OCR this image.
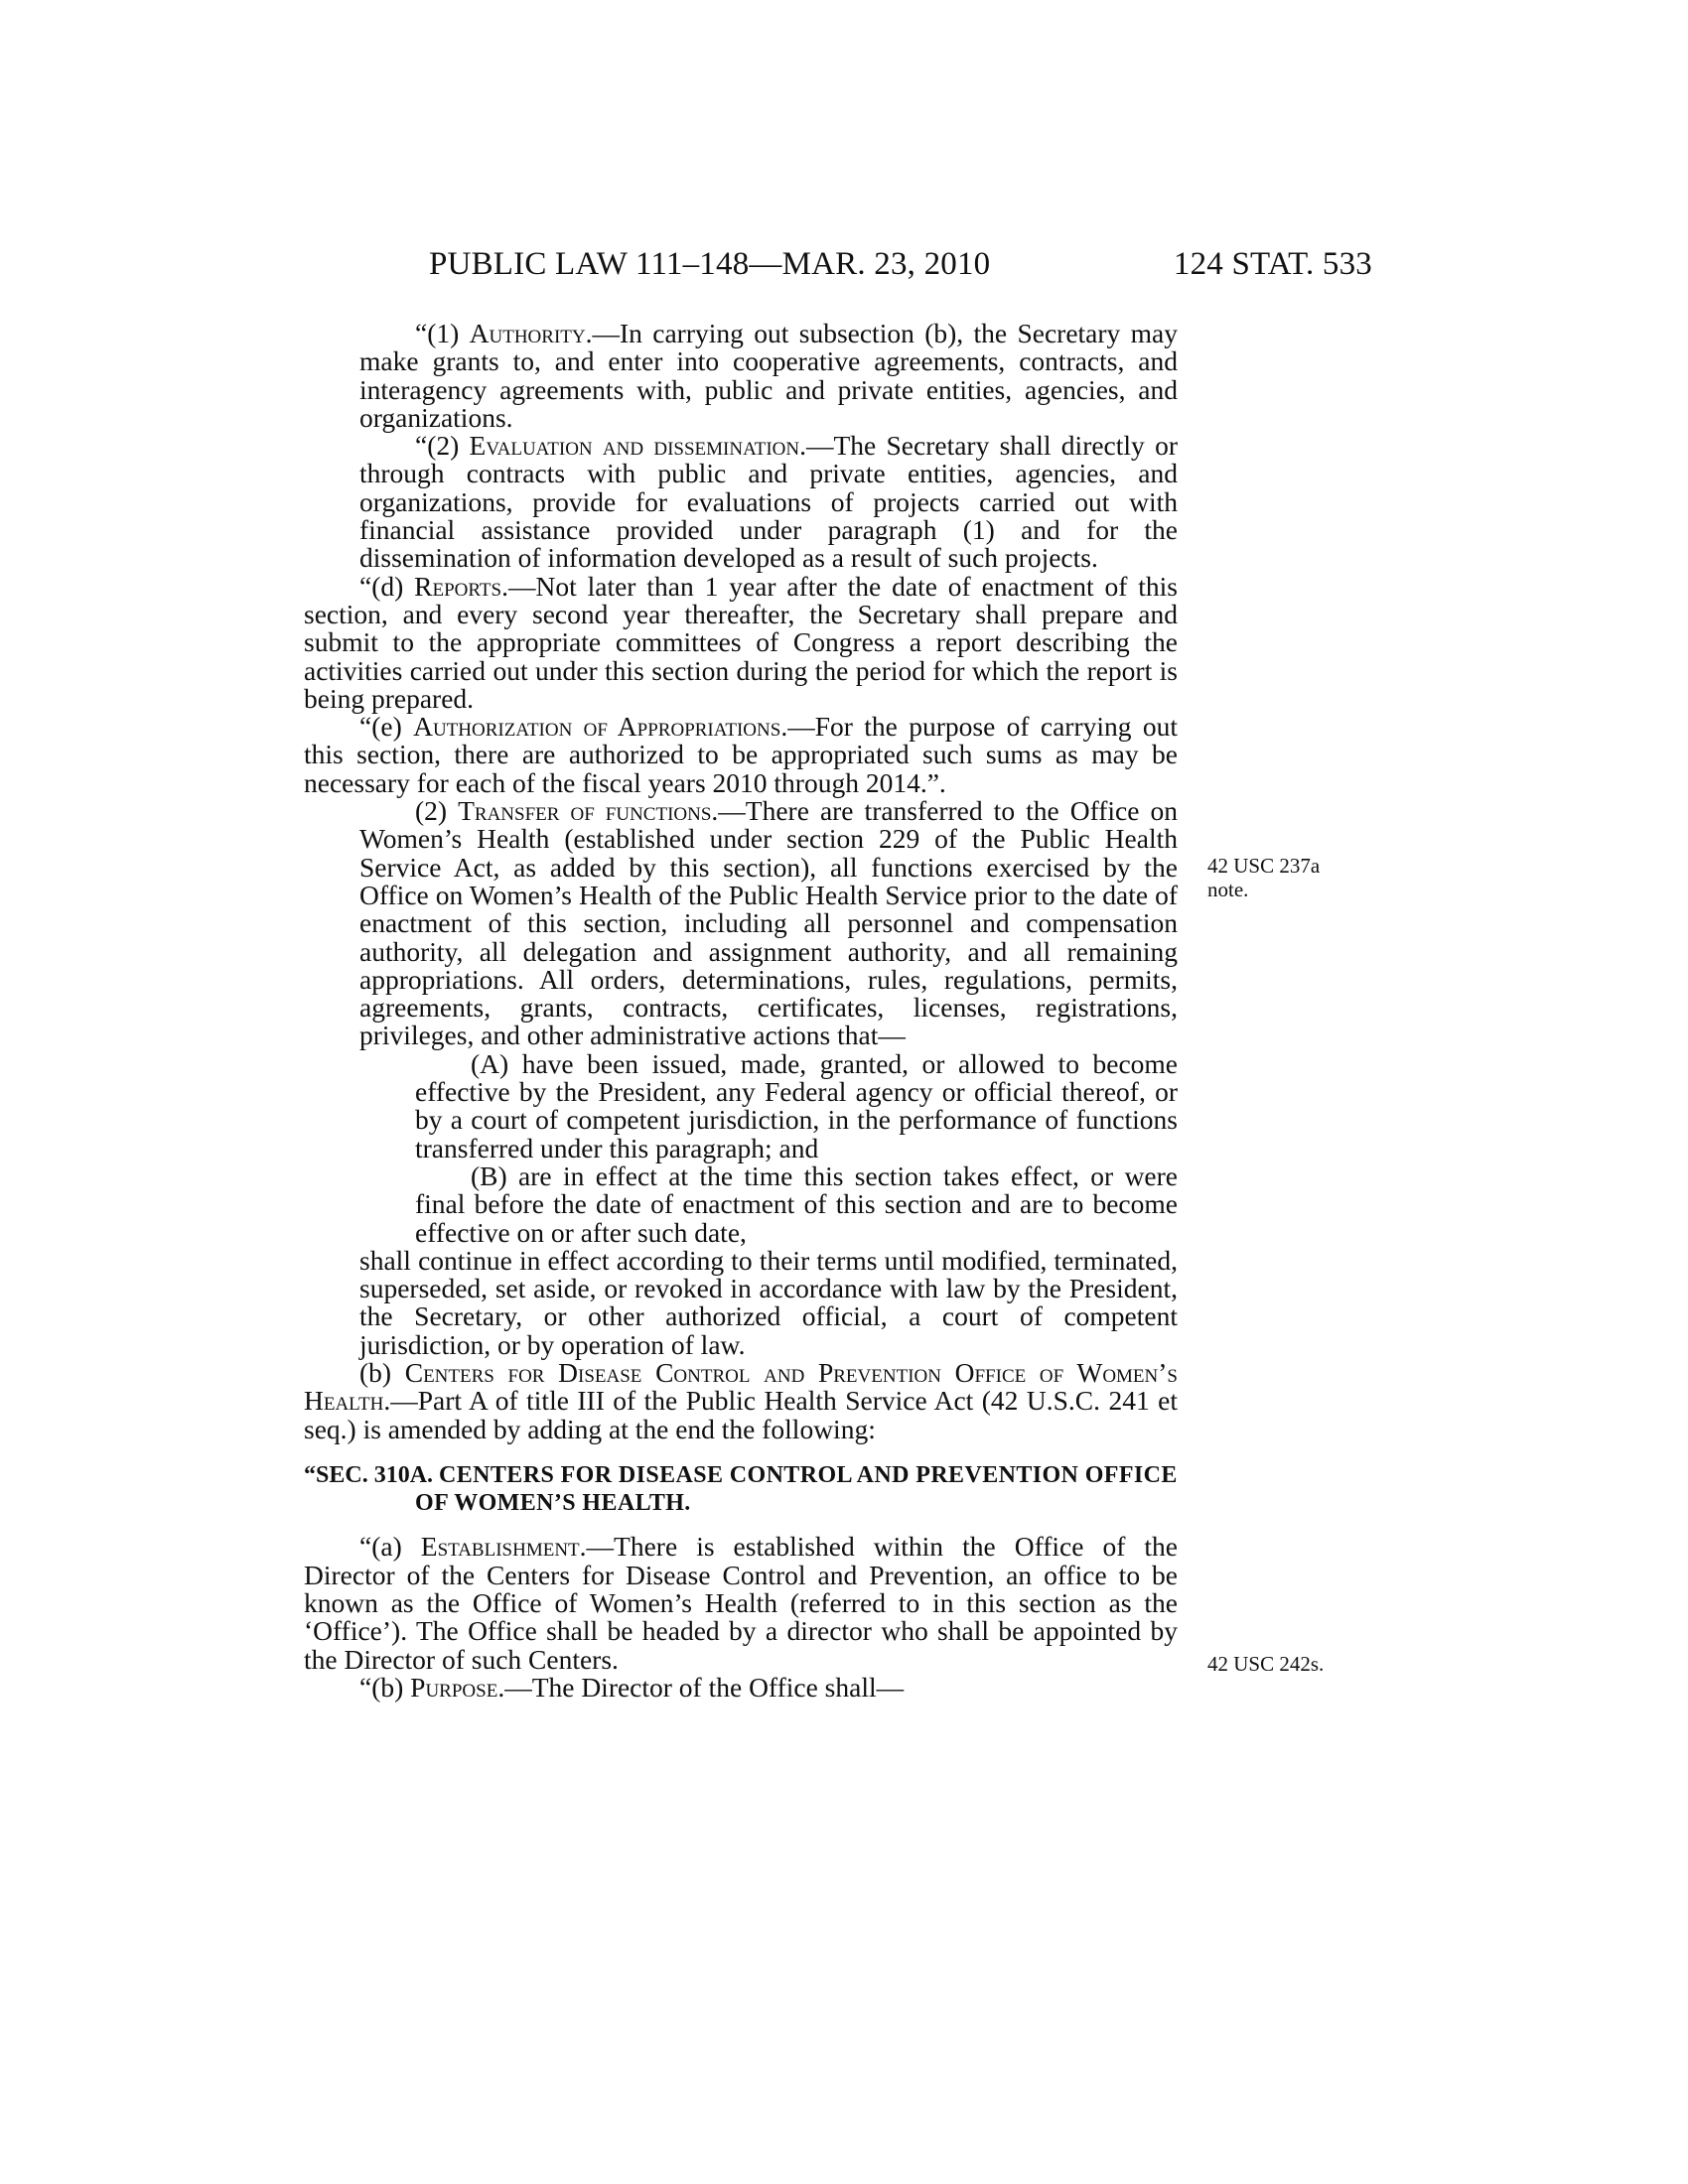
PUBLIC LAW 111–148—MAR. 23, 2010	124 STAT. 533

“(1) Authority.—In carrying out subsection (b), the Secretary may make grants to, and enter into cooperative agreements, contracts, and interagency agreements with, public and private entities, agencies, and organizations.

“(2) Evaluation and dissemination.—The Secretary shall directly or through contracts with public and private entities, agencies, and organizations, provide for evaluations of projects carried out with financial assistance provided under paragraph (1) and for the dissemination of information developed as a result of such projects.

“(d) Reports.—Not later than 1 year after the date of enactment of this section, and every second year thereafter, the Secretary shall prepare and submit to the appropriate committees of Congress a report describing the activities carried out under this section during the period for which the report is being prepared.

“(e) Authorization of Appropriations.—For the purpose of carrying out this section, there are authorized to be appropriated such sums as may be necessary for each of the fiscal years 2010 through 2014.”.

(2) Transfer of functions.—There are transferred to the Office on Women’s Health (established under section 229 of the Public Health Service Act, as added by this section), all functions exercised by the Office on Women’s Health of the Public Health Service prior to the date of enactment of this section, including all personnel and compensation authority, all delegation and assignment authority, and all remaining appropriations. All orders, determinations, rules, regulations, permits, agreements, grants, contracts, certificates, licenses, registrations, privileges, and other administrative actions that—

(A) have been issued, made, granted, or allowed to become effective by the President, any Federal agency or official thereof, or by a court of competent jurisdiction, in the performance of functions transferred under this paragraph; and

(B) are in effect at the time this section takes effect, or were final before the date of enactment of this section and are to become effective on or after such date,

shall continue in effect according to their terms until modified, terminated, superseded, set aside, or revoked in accordance with law by the President, the Secretary, or other authorized official, a court of competent jurisdiction, or by operation of law.

(b) Centers for Disease Control and Prevention Office of Women’s Health.—Part A of title III of the Public Health Service Act (42 U.S.C. 241 et seq.) is amended by adding at the end the following:

“SEC. 310A. CENTERS FOR DISEASE CONTROL AND PREVENTION OFFICE OF WOMEN’S HEALTH.

“(a) Establishment.—There is established within the Office of the Director of the Centers for Disease Control and Prevention, an office to be known as the Office of Women’s Health (referred to in this section as the ‘Office’). The Office shall be headed by a director who shall be appointed by the Director of such Centers.

“(b) Purpose.—The Director of the Office shall—

42 USC 237a note.
42 USC 242s.
